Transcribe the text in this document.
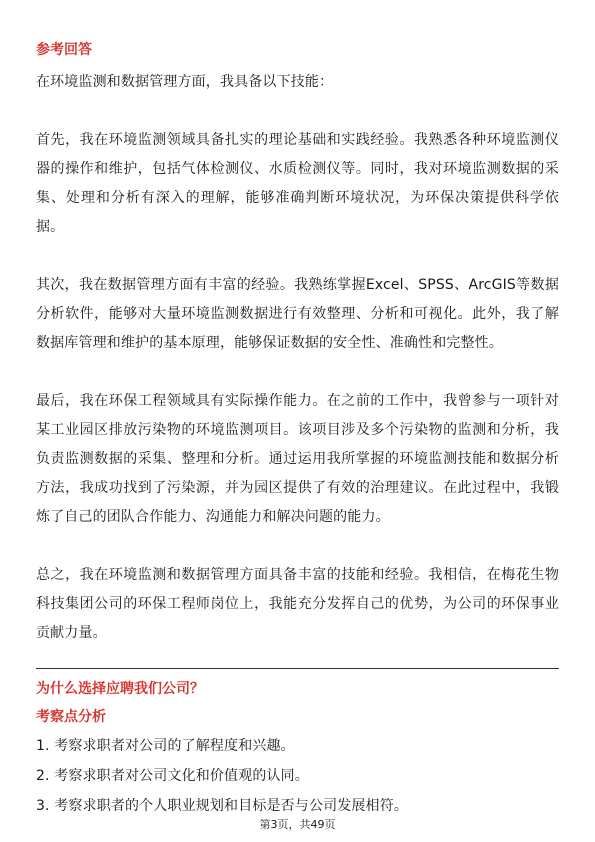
参考回答

在环境监测和数据管理方面，我具备以下技能：

首先，我在环境监测领域具备扎实的理论基础和实践经验。我熟悉各种环境监测仪器的操作和维护，包括气体检测仪、水质检测仪等。同时，我对环境监测数据的采集、处理和分析有深入的理解，能够准确判断环境状况，为环保决策提供科学依据。

其次，我在数据管理方面有丰富的经验。我熟练掌握Excel、SPSS、ArcGIS等数据分析软件，能够对大量环境监测数据进行有效整理、分析和可视化。此外，我了解数据库管理和维护的基本原理，能够保证数据的安全性、准确性和完整性。

最后，我在环保工程领域具有实际操作能力。在之前的工作中，我曾参与一项针对某工业园区排放污染物的环境监测项目。该项目涉及多个污染物的监测和分析，我负责监测数据的采集、整理和分析。通过运用我所掌握的环境监测技能和数据分析方法，我成功找到了污染源，并为园区提供了有效的治理建议。在此过程中，我锻炼了自己的团队合作能力、沟通能力和解决问题的能力。

总之，我在环境监测和数据管理方面具备丰富的技能和经验。我相信，在梅花生物科技集团公司的环保工程师岗位上，我能充分发挥自己的优势，为公司的环保事业贡献力量。

为什么选择应聘我们公司？
考察点分析
1. 考察求职者对公司的了解程度和兴趣。
2. 考察求职者对公司文化和价值观的认同。
3. 考察求职者的个人职业规划和目标是否与公司发展相符。
第3页，共49页
